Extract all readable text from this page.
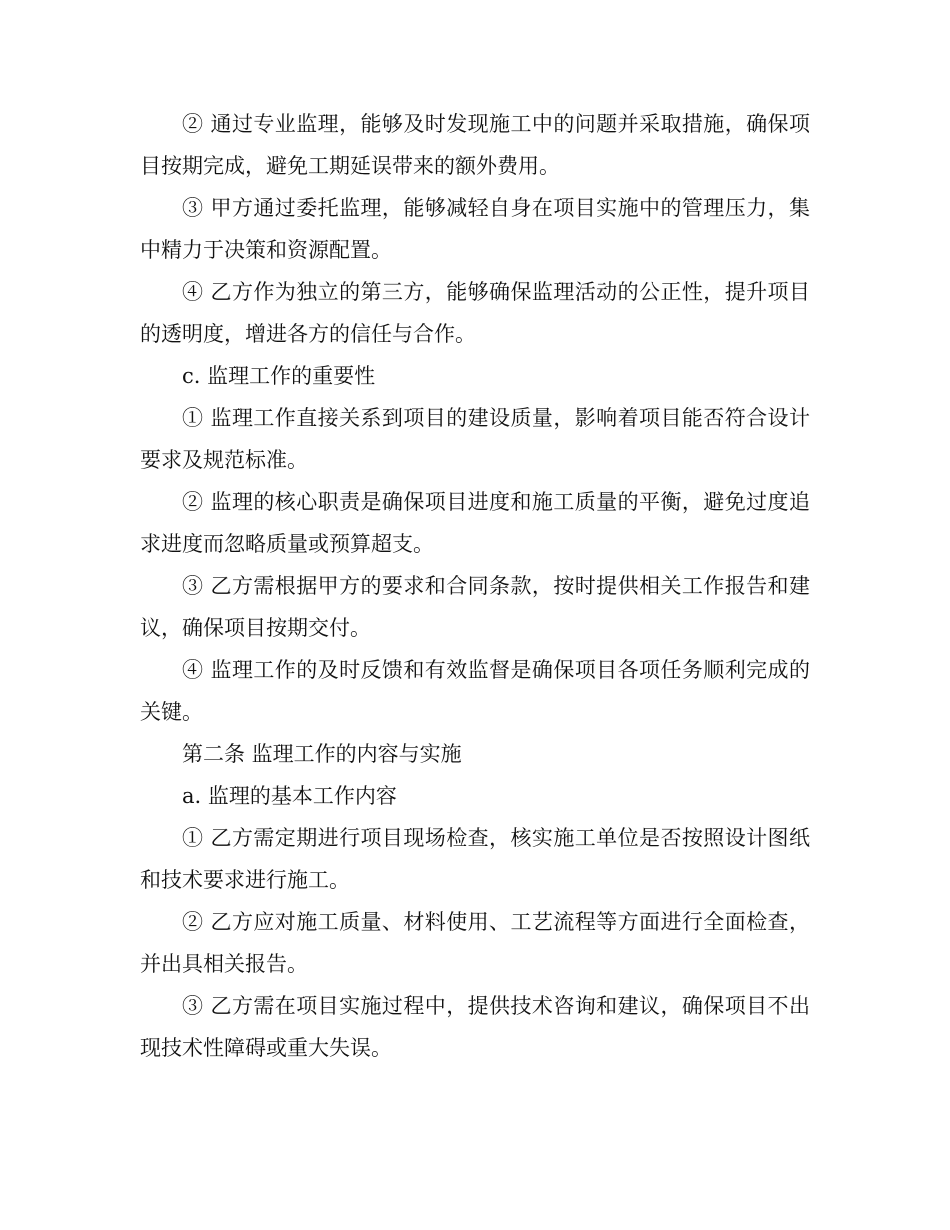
② 通过专业监理，能够及时发现施工中的问题并采取措施，确保项目按期完成，避免工期延误带来的额外费用。

③ 甲方通过委托监理，能够减轻自身在项目实施中的管理压力，集中精力于决策和资源配置。

④ 乙方作为独立的第三方，能够确保监理活动的公正性，提升项目的透明度，增进各方的信任与合作。

c. 监理工作的重要性

① 监理工作直接关系到项目的建设质量，影响着项目能否符合设计要求及规范标准。

② 监理的核心职责是确保项目进度和施工质量的平衡，避免过度追求进度而忽略质量或预算超支。

③ 乙方需根据甲方的要求和合同条款，按时提供相关工作报告和建议，确保项目按期交付。

④ 监理工作的及时反馈和有效监督是确保项目各项任务顺利完成的关键。

第二条 监理工作的内容与实施

a. 监理的基本工作内容

① 乙方需定期进行项目现场检查，核实施工单位是否按照设计图纸和技术要求进行施工。

② 乙方应对施工质量、材料使用、工艺流程等方面进行全面检查，并出具相关报告。

③ 乙方需在项目实施过程中，提供技术咨询和建议，确保项目不出现技术性障碍或重大失误。
